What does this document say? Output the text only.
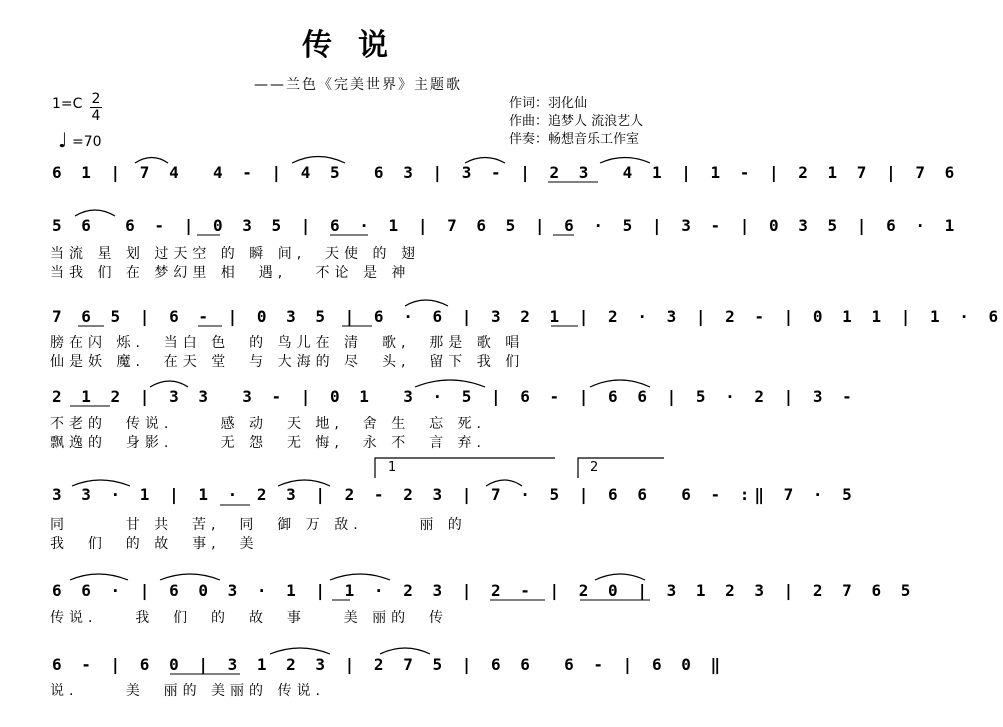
传说
——兰色《完美世界》主题歌
1=C 2
4
♩ =70
作词：羽化仙
作曲：追梦人 流浪艺人
伴奏：畅想音乐工作室
6 1 | 7 4  4 - | 4 5  6 3 | 3 - | 2 3  4 1 | 1 - | 2 1 7 | 7 6
5 6  6 - | 0 3 5 | 6 · 1 | 7 6 5 | 6 · 5 | 3 - | 0 3 5 | 6 · 1
当流 星 划 过天空 的 瞬 间,  天使 的 翅
当我 们 在 梦幻里 相  遇,   不论 是 神
7 6 5 | 6 - | 0 3 5 | 6 · 6 | 3 2 1 | 2 · 3 | 2 - | 0 1 1 | 1 · 6
膀在闪 烁.  当白 色  的 鸟儿在 清  歌,  那是 歌 唱
仙是妖 魔.  在天 堂  与 大海的 尽  头,  留下 我 们
2 1 2 | 3 3  3 - | 0 1  3 · 5 | 6 - | 6 6 | 5 · 2 | 3 -
不老的  传说.     感 动  天 地,  舍 生  忘 死.
飘逸的  身影.     无 怨  无 悔,  永 不  言 弃.
1	2
3 3 · 1 | 1 · 2 3 | 2 - 2 3 | 7 · 5 | 6 6  6 - :‖ 7 · 5
同      甘 共  苦,  同  御 万 敌.      丽 的
我  们  的 故  事,  美
6 6 · | 6 0 3 · 1 | 1 · 2 3 | 2 - | 2 0 | 3 1 2 3 | 2 7 6 5
传说.    我  们  的  故  事    美 丽的  传
6 - | 6 0 | 3 1 2 3 | 2 7 5 | 6 6  6 - | 6 0 ‖
说.     美  丽的 美丽的 传说.
